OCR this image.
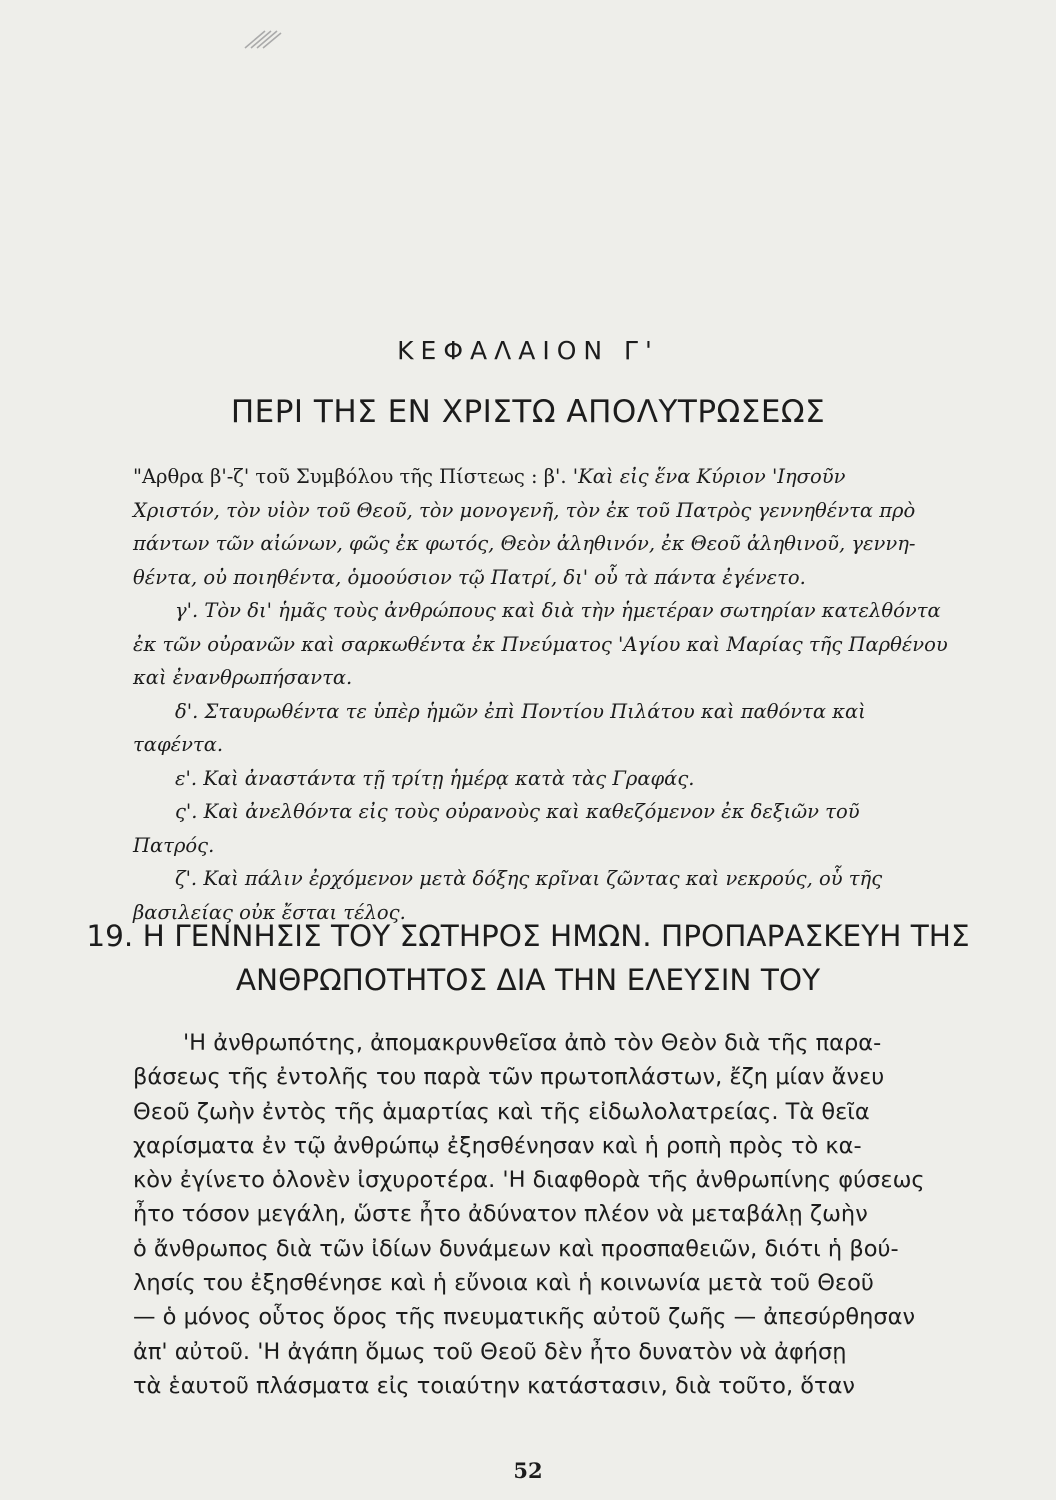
ΚΕΦΑΛΑΙΟΝ Γ'
ΠΕΡΙ ΤΗΣ ΕΝ ΧΡΙΣΤΩ ΑΠΟΛΥΤΡΩΣΕΩΣ
"Αρθρα β'-ζ' τοῦ Συμβόλου τῆς Πίστεως : β'. 'Καὶ εἰς ἕνα Κύριον 'Ιησοῦν
Χριστόν, τὸν υἱὸν τοῦ Θεοῦ, τὸν μονογενῆ, τὸν ἐκ τοῦ Πατρὸς γεννηθέντα πρὸ
πάντων τῶν αἰώνων, φῶς ἐκ φωτός, Θεὸν ἀληθινόν, ἐκ Θεοῦ ἀληθινοῦ, γεννη-
θέντα, οὐ ποιηθέντα, ὁμοούσιον τῷ Πατρί, δι' οὗ τὰ πάντα ἐγένετο.
γ'. Τὸν δι' ἡμᾶς τοὺς ἀνθρώπους καὶ διὰ τὴν ἡμετέραν σωτηρίαν κατελθόντα
ἐκ τῶν οὐρανῶν καὶ σαρκωθέντα ἐκ Πνεύματος 'Αγίου καὶ Μαρίας τῆς Παρθένου
καὶ ἐνανθρωπήσαντα.
δ'. Σταυρωθέντα τε ὑπὲρ ἡμῶν ἐπὶ Ποντίου Πιλάτου καὶ παθόντα καὶ
ταφέντα.
ε'. Καὶ ἀναστάντα τῇ τρίτῃ ἡμέρᾳ κατὰ τὰς Γραφάς.
ς'. Καὶ ἀνελθόντα εἰς τοὺς οὐρανοὺς καὶ καθεζόμενον ἐκ δεξιῶν τοῦ
Πατρός.
ζ'. Καὶ πάλιν ἐρχόμενον μετὰ δόξης κρῖναι ζῶντας καὶ νεκρούς, οὗ τῆς
βασιλείας οὐκ ἔσται τέλος.
19. Η ΓΕΝΝΗΣΙΣ ΤΟΥ ΣΩΤΗΡΟΣ ΗΜΩΝ. ΠΡΟΠΑΡΑΣΚΕΥΗ ΤΗΣ
ΑΝΘΡΩΠΟΤΗΤΟΣ ΔΙΑ ΤΗΝ ΕΛΕΥΣΙΝ ΤΟΥ
'Η ἀνθρωπότης, ἀπομακρυνθεῖσα ἀπὸ τὸν Θεὸν διὰ τῆς παρα-
βάσεως τῆς ἐντολῆς του παρὰ τῶν πρωτοπλάστων, ἔζη μίαν ἄνευ
Θεοῦ ζωὴν ἐντὸς τῆς ἁμαρτίας καὶ τῆς εἰδωλολατρείας. Τὰ θεῖα
χαρίσματα ἐν τῷ ἀνθρώπῳ ἐξησθένησαν καὶ ἡ ροπὴ πρὸς τὸ κα-
κὸν ἐγίνετο ὁλονὲν ἰσχυροτέρα. 'Η διαφθορὰ τῆς ἀνθρωπίνης φύσεως
ἦτο τόσον μεγάλη, ὥστε ἦτο ἀδύνατον πλέον νὰ μεταβάλῃ ζωὴν
ὁ ἄνθρωπος διὰ τῶν ἰδίων δυνάμεων καὶ προσπαθειῶν, διότι ἡ βού-
λησίς του ἐξησθένησε καὶ ἡ εὔνοια καὶ ἡ κοινωνία μετὰ τοῦ Θεοῦ
— ὁ μόνος οὗτος ὅρος τῆς πνευματικῆς αὐτοῦ ζωῆς — ἀπεσύρθησαν
ἀπ' αὐτοῦ. 'Η ἀγάπη ὅμως τοῦ Θεοῦ δὲν ἦτο δυνατὸν νὰ ἀφήσῃ
τὰ ἑαυτοῦ πλάσματα εἰς τοιαύτην κατάστασιν, διὰ τοῦτο, ὅταν
52
